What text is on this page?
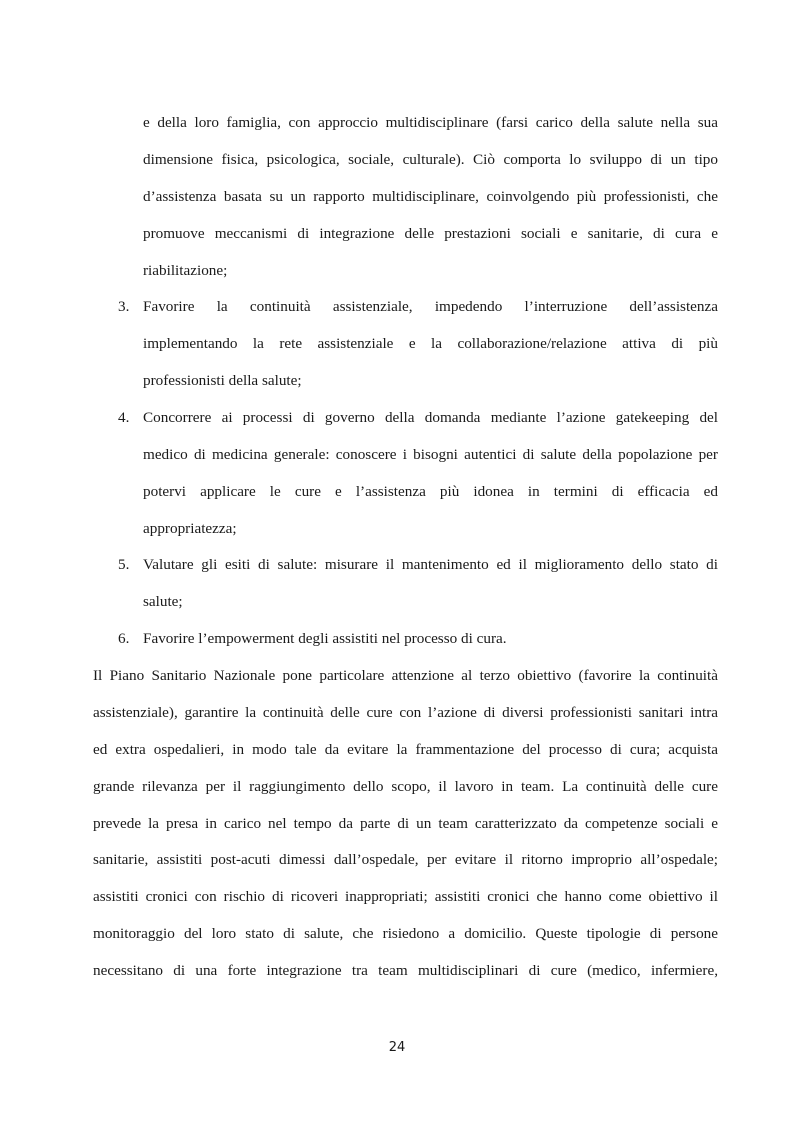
e della loro famiglia, con approccio multidisciplinare (farsi carico della salute nella sua
dimensione fisica, psicologica, sociale, culturale). Ciò comporta lo sviluppo di un tipo
d’assistenza basata su un rapporto multidisciplinare, coinvolgendo più professionisti, che
promuove meccanismi di integrazione delle prestazioni sociali e sanitarie, di cura e
riabilitazione;
3. Favorire la continuità assistenziale, impedendo l’interruzione dell’assistenza
implementando la rete assistenziale e la collaborazione/relazione attiva di più
professionisti della salute;
4. Concorrere ai processi di governo della domanda mediante l’azione gatekeeping del
medico di medicina generale: conoscere i bisogni autentici di salute della popolazione per
potervi applicare le cure e l’assistenza più idonea in termini di efficacia ed
appropriatezza;
5. Valutare gli esiti di salute: misurare il mantenimento ed il miglioramento dello stato di
salute;
6. Favorire l’empowerment degli assistiti nel processo di cura.
Il Piano Sanitario Nazionale pone particolare attenzione al terzo obiettivo (favorire la continuità
assistenziale), garantire la continuità delle cure con l’azione di diversi professionisti sanitari intra
ed extra ospedalieri, in modo tale da evitare la frammentazione del processo di cura; acquista
grande rilevanza per il raggiungimento dello scopo, il lavoro in team. La continuità delle cure
prevede la presa in carico nel tempo da parte di un team caratterizzato da competenze sociali e
sanitarie, assistiti post-acuti dimessi dall’ospedale, per evitare il ritorno improprio all’ospedale;
assistiti cronici con rischio di ricoveri inappropriati; assistiti cronici che hanno come obiettivo il
monitoraggio del loro stato di salute, che risiedono a domicilio. Queste tipologie di persone
necessitano di una forte integrazione tra team multidisciplinari di cure (medico, infermiere,
24
